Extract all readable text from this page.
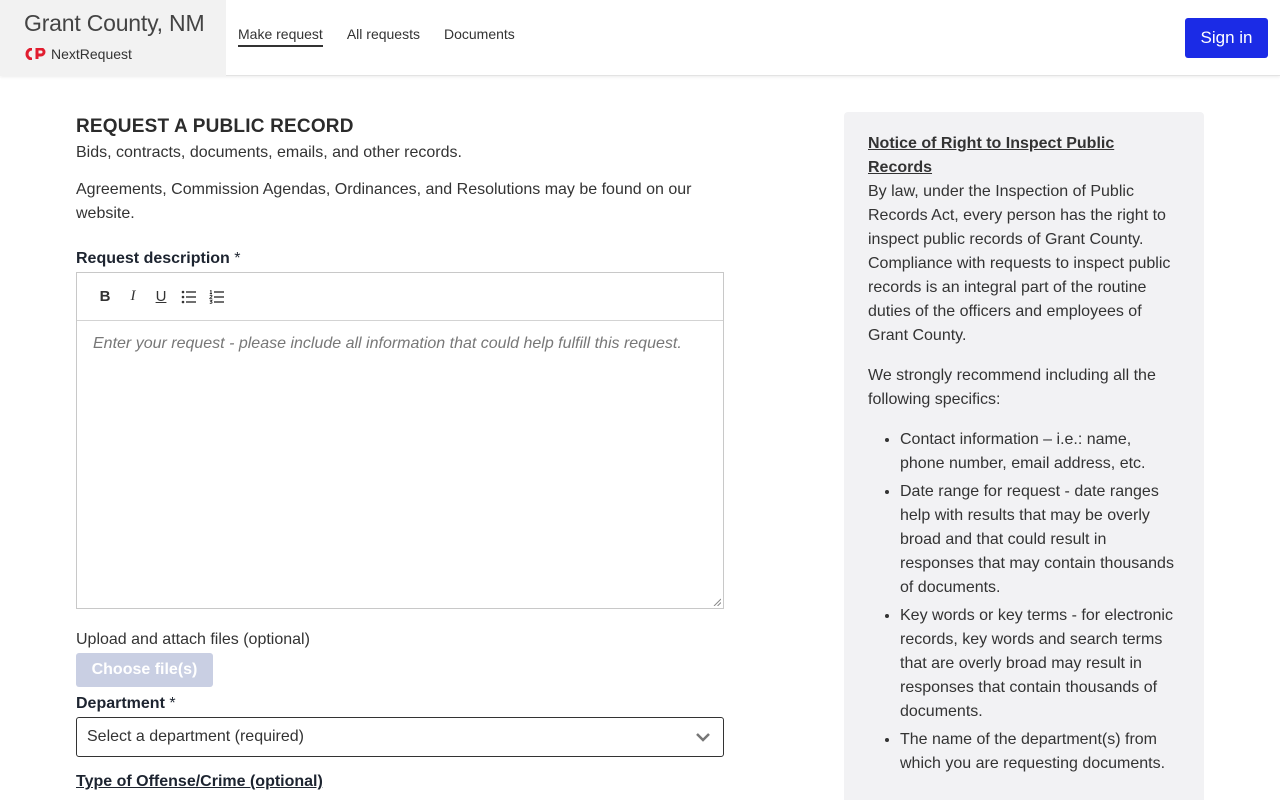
Grant County, NM
NextRequest
Make request All requests Documents	Sign in
REQUEST A PUBLIC RECORD
Bids, contracts, documents, emails, and other records.
Agreements, Commission Agendas, Ordinances, and Resolutions may be found on our website.
Request description *
B	I	U
Enter your request - please include all information that could help fulfill this request.
Upload and attach files (optional)
Choose file(s)
Department *
Select a department (required)
Type of Offense/Crime (optional)
Notice of Right to Inspect Public Records

By law, under the Inspection of Public Records Act, every person has the right to inspect public records of Grant County. Compliance with requests to inspect public records is an integral part of the routine duties of the officers and employees of Grant County.

We strongly recommend including all the following specifics:

• Contact information – i.e.: name, phone number, email address, etc.
• Date range for request - date ranges help with results that may be overly broad and that could result in responses that may contain thousands of documents.
• Key words or key terms - for electronic records, key words and search terms that are overly broad may result in responses that contain thousands of documents.
• The name of the department(s) from which you are requesting documents.
